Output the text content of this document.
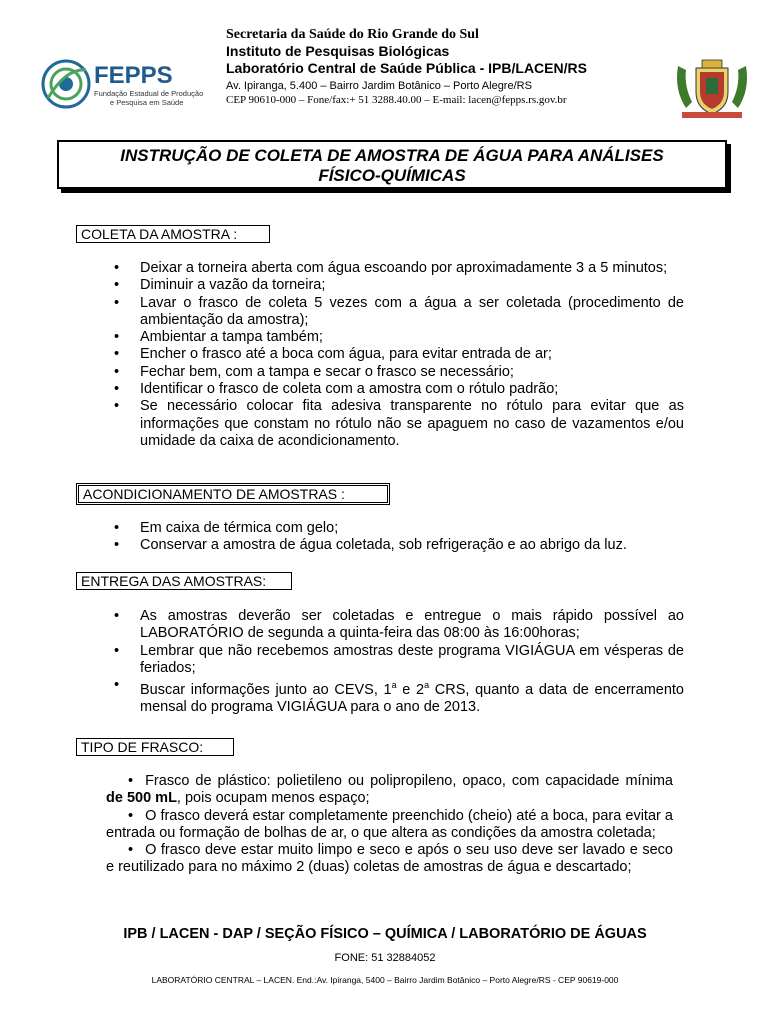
FEPPS
Fundação Estadual de Produção
e Pesquisa em Saúde
Secretaria da Saúde do Rio Grande do Sul
Instituto de Pesquisas Biológicas
Laboratório Central de Saúde Pública - IPB/LACEN/RS
Av. Ipiranga, 5.400 – Bairro Jardim Botânico – Porto Alegre/RS
CEP 90610-000 – Fone/fax:+ 51 3288.40.00 – E-mail: lacen@fepps.rs.gov.br
INSTRUÇÃO DE COLETA DE AMOSTRA DE ÁGUA PARA ANÁLISES
FÍSICO-QUÍMICAS
COLETA DA AMOSTRA :
• Deixar a torneira aberta com água escoando por aproximadamente 3 a 5 minutos;
• Diminuir a vazão da torneira;
• Lavar o frasco de coleta 5 vezes com a água a ser coletada (procedimento de ambientação da amostra);
• Ambientar a tampa também;
• Encher o frasco até a boca com água, para evitar entrada de ar;
• Fechar bem, com a tampa e secar o frasco se necessário;
• Identificar o frasco de coleta com a amostra com o rótulo padrão;
• Se necessário colocar fita adesiva transparente no rótulo para evitar que as informações que constam no rótulo não se apaguem no caso de vazamentos e/ou umidade da caixa de acondicionamento.
ACONDICIONAMENTO DE AMOSTRAS :
• Em caixa de térmica com gelo;
• Conservar a amostra de água coletada, sob refrigeração e ao abrigo da luz.
ENTREGA DAS AMOSTRAS:
• As amostras deverão ser coletadas e entregue o mais rápido possível ao LABORATÓRIO de segunda a quinta-feira das 08:00 às 16:00horas;
• Lembrar que não recebemos amostras deste programa VIGIÁGUA em vésperas de feriados;
• Buscar informações junto ao CEVS, 1$^a$ e 2$^a$ CRS, quanto a data de encerramento mensal do programa VIGIÁGUA para o ano de 2013.
TIPO DE FRASCO:
• Frasco de plástico: polietileno ou polipropileno, opaco, com capacidade mínima de 500 mL, pois ocupam menos espaço;
• O frasco deverá estar completamente preenchido (cheio) até a boca, para evitar a entrada ou formação de bolhas de ar, o que altera as condições da amostra coletada;
• O frasco deve estar muito limpo e seco e após o seu uso deve ser lavado e seco e reutilizado para no máximo 2 (duas) coletas de amostras de água e descartado;
IPB / LACEN - DAP / SEÇÃO FÍSICO – QUÍMICA / LABORATÓRIO DE ÁGUAS
FONE: 51 32884052
LABORATÓRIO CENTRAL – LACEN. End.:Av. Ipiranga, 5400 – Bairro Jardim Botânico – Porto Alegre/RS - CEP 90619-000
